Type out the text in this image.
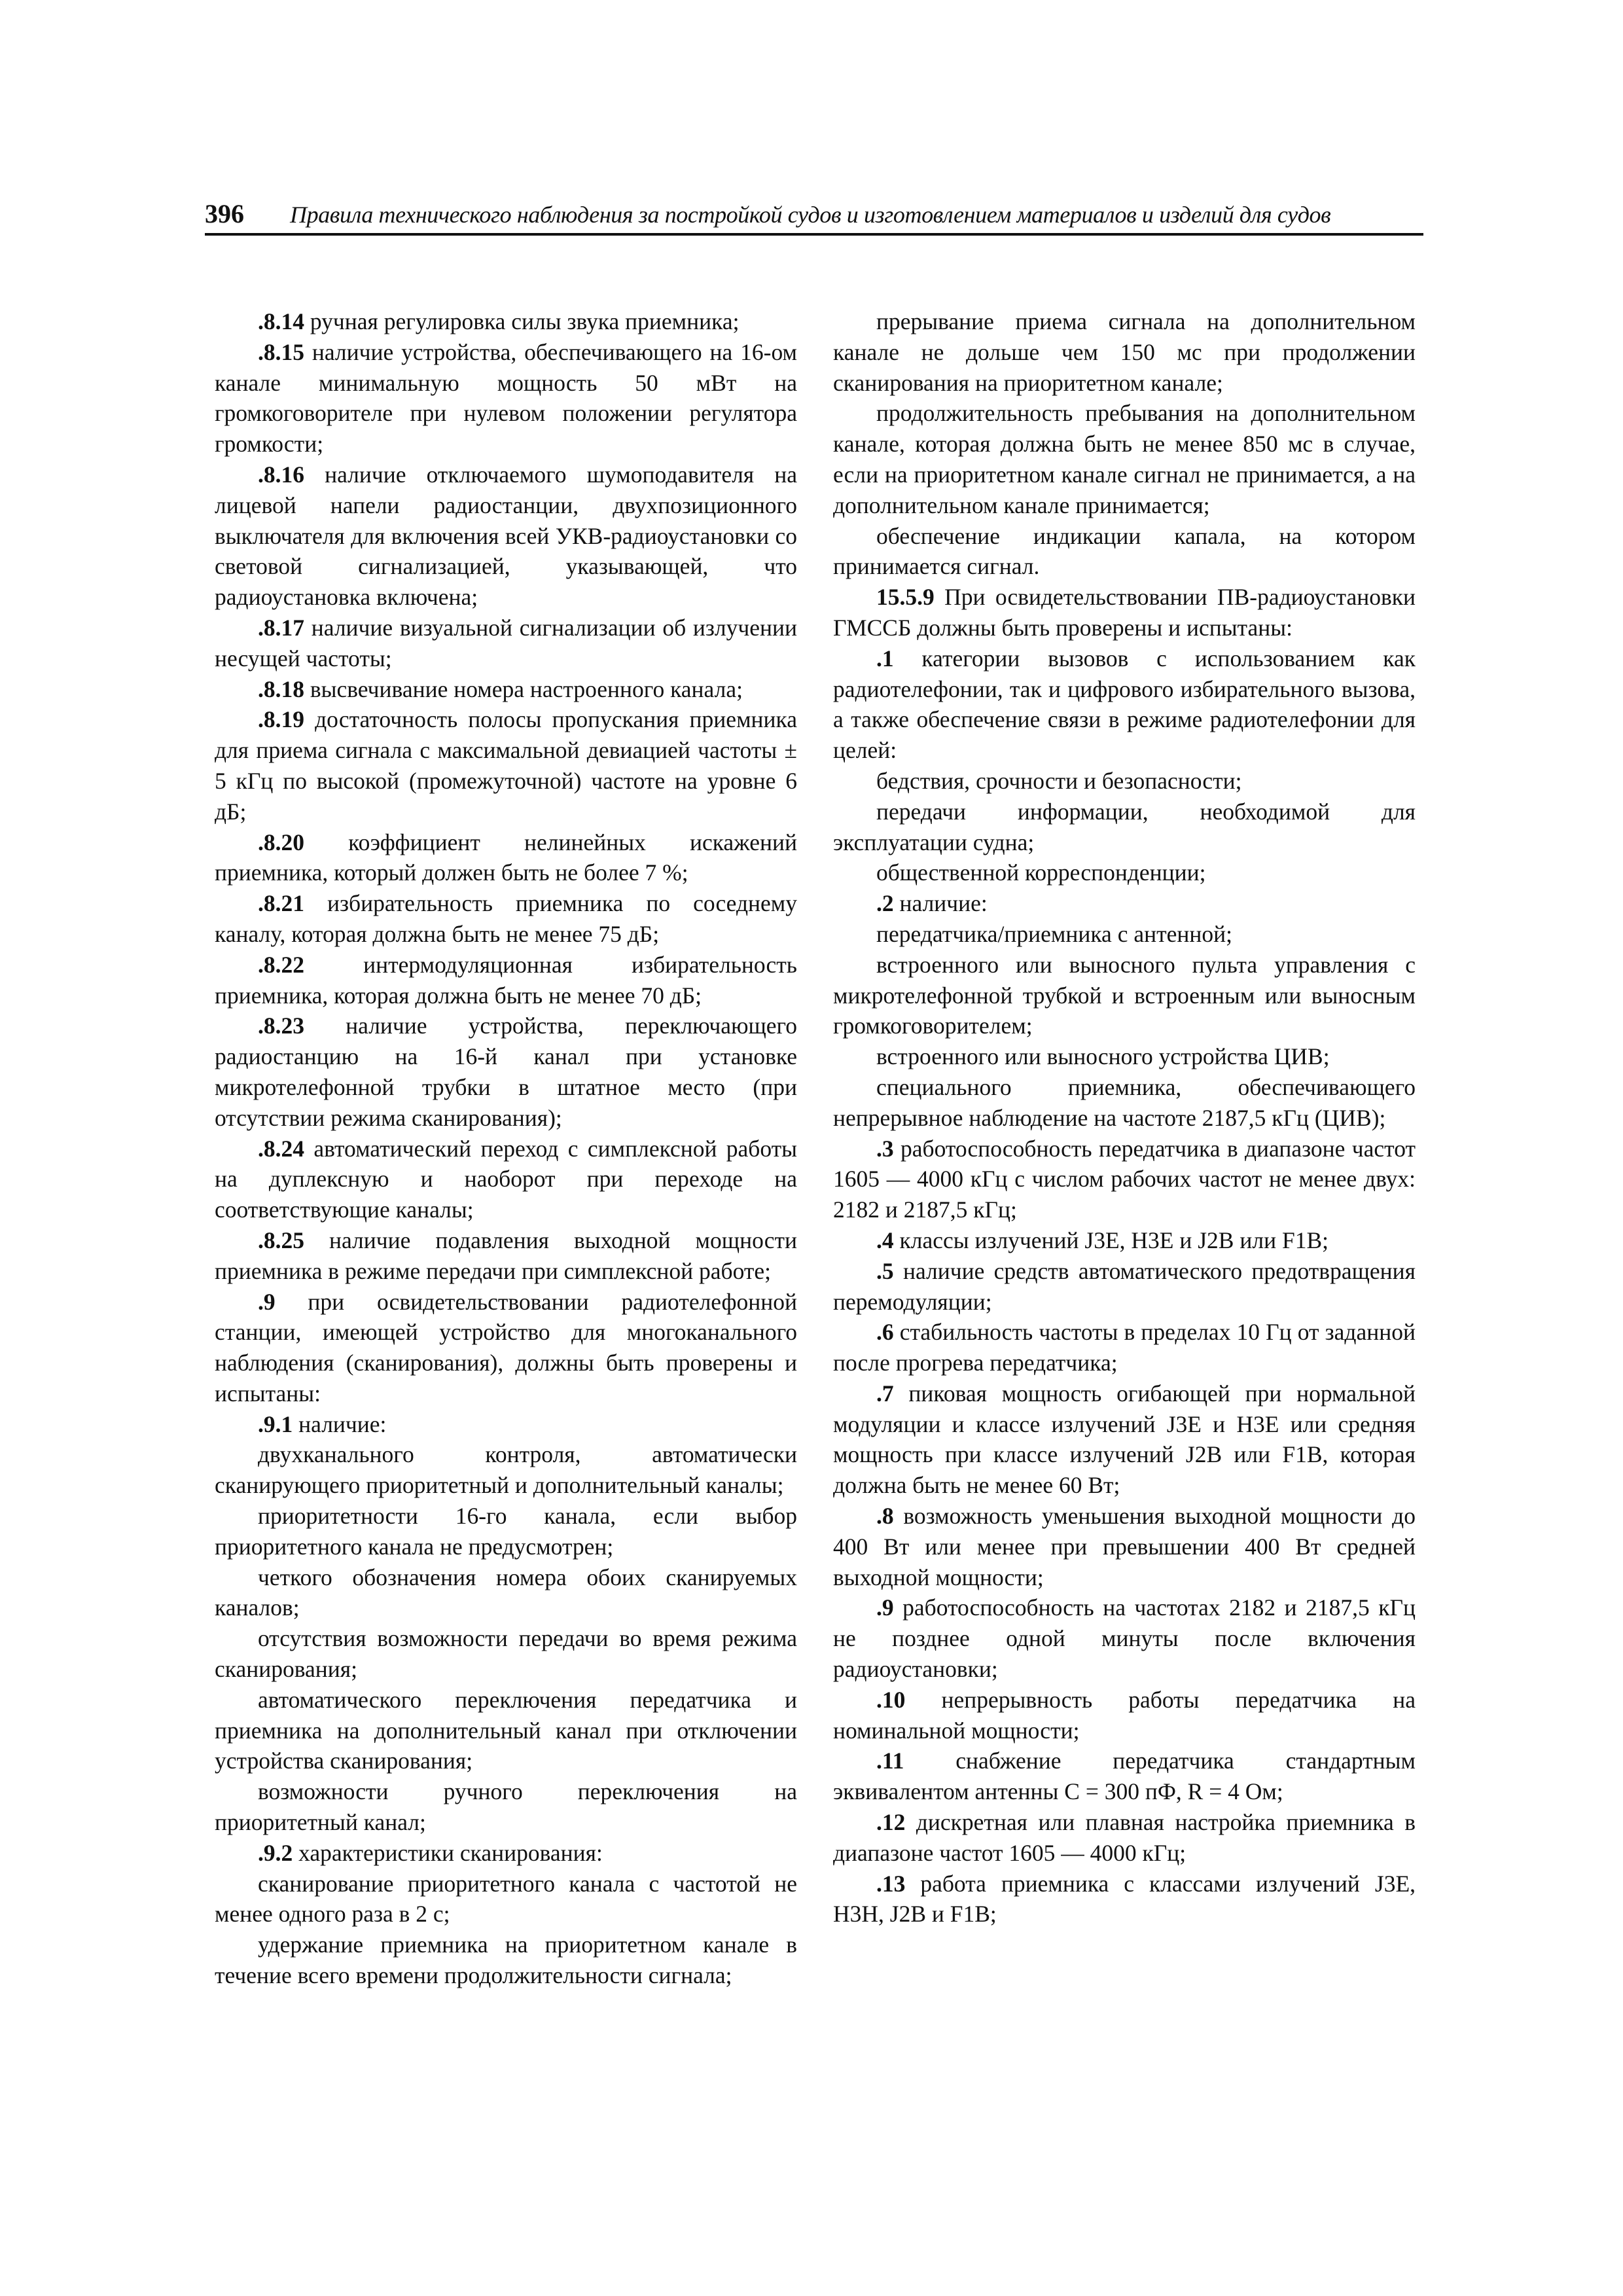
396 Правила технического наблюдения за постройкой судов и изготовлением материалов и изделий для судов

.8.14 ручная регулировка силы звука приемника;

.8.15 наличие устройства, обеспечивающего на 16-ом канале минимальную мощность 50 мВт на громкоговорителе при нулевом положении регулятора громкости;

.8.16 наличие отключаемого шумоподавителя на лицевой напели радиостанции, двухпозиционного выключателя для включения всей УКВ-радиоустановки со световой сигнализацией, указывающей, что радиоустановка включена;

.8.17 наличие визуальной сигнализации об излучении несущей частоты;

.8.18 высвечивание номера настроенного канала;

.8.19 достаточность полосы пропускания приемника для приема сигнала с максимальной девиацией частоты ± 5 кГц по высокой (промежуточной) частоте на уровне 6 дБ;

.8.20 коэффициент нелинейных искажений приемника, который должен быть не более 7 %;

.8.21 избирательность приемника по соседнему каналу, которая должна быть не менее 75 дБ;

.8.22 интермодуляционная избирательность приемника, которая должна быть не менее 70 дБ;

.8.23 наличие устройства, переключающего радиостанцию на 16-й канал при установке микротелефонной трубки в штатное место (при отсутствии режима сканирования);

.8.24 автоматический переход с симплексной работы на дуплексную и наоборот при переходе на соответствующие каналы;

.8.25 наличие подавления выходной мощности приемника в режиме передачи при симплексной работе;

.9 при освидетельствовании радиотелефонной станции, имеющей устройство для многоканального наблюдения (сканирования), должны быть проверены и испытаны:

.9.1 наличие:

двухканального контроля, автоматически сканирующего приоритетный и дополнительный каналы;

приоритетности 16-го канала, если выбор приоритетного канала не предусмотрен;

четкого обозначения номера обоих сканируемых каналов;

отсутствия возможности передачи во время режима сканирования;

автоматического переключения передатчика и приемника на дополнительный канал при отключении устройства сканирования;

возможности ручного переключения на приоритетный канал;

.9.2 характеристики сканирования:

сканирование приоритетного канала с частотой не менее одного раза в 2 с;

удержание приемника на приоритетном канале в течение всего времени продолжительности сигнала;

прерывание приема сигнала на дополнительном канале не дольше чем 150 мс при продолжении сканирования на приоритетном канале;

продолжительность пребывания на дополнительном канале, которая должна быть не менее 850 мс в случае, если на приоритетном канале сигнал не принимается, а на дополнительном канале принимается;

обеспечение индикации капала, на котором принимается сигнал.

15.5.9 При освидетельствовании ПВ-радиоустановки ГМССБ должны быть проверены и испытаны:

.1 категории вызовов с использованием как радиотелефонии, так и цифрового избирательного вызова, а также обеспечение связи в режиме радиотелефонии для целей:

бедствия, срочности и безопасности;

передачи информации, необходимой для эксплуатации судна;

общественной корреспонденции;

.2 наличие:

передатчика/приемника с антенной;

встроенного или выносного пульта управления с микротелефонной трубкой и встроенным или выносным громкоговорителем;

встроенного или выносного устройства ЦИВ;

специального приемника, обеспечивающего непрерывное наблюдение на частоте 2187,5 кГц (ЦИВ);

.3 работоспособность передатчика в диапазоне частот 1605 — 4000 кГц с числом рабочих частот не менее двух: 2182 и 2187,5 кГц;

.4 классы излучений J3E, H3E и J2B или F1B;

.5 наличие средств автоматического предотвращения перемодуляции;

.6 стабильность частоты в пределах 10 Гц от заданной после прогрева передатчика;

.7 пиковая мощность огибающей при нормальной модуляции и классе излучений J3E и H3E или средняя мощность при классе излучений J2B или F1B, которая должна быть не менее 60 Вт;

.8 возможность уменьшения выходной мощности до 400 Вт или менее при превышении 400 Вт средней выходной мощности;

.9 работоспособность на частотах 2182 и 2187,5 кГц не позднее одной минуты после включения радиоустановки;

.10 непрерывность работы передатчика на номинальной мощности;

.11 снабжение передатчика стандартным эквивалентом антенны C = 300 пФ, R = 4 Ом;

.12 дискретная или плавная настройка приемника в диапазоне частот 1605 — 4000 кГц;

.13 работа приемника с классами излучений J3E, H3H, J2B и F1B;
